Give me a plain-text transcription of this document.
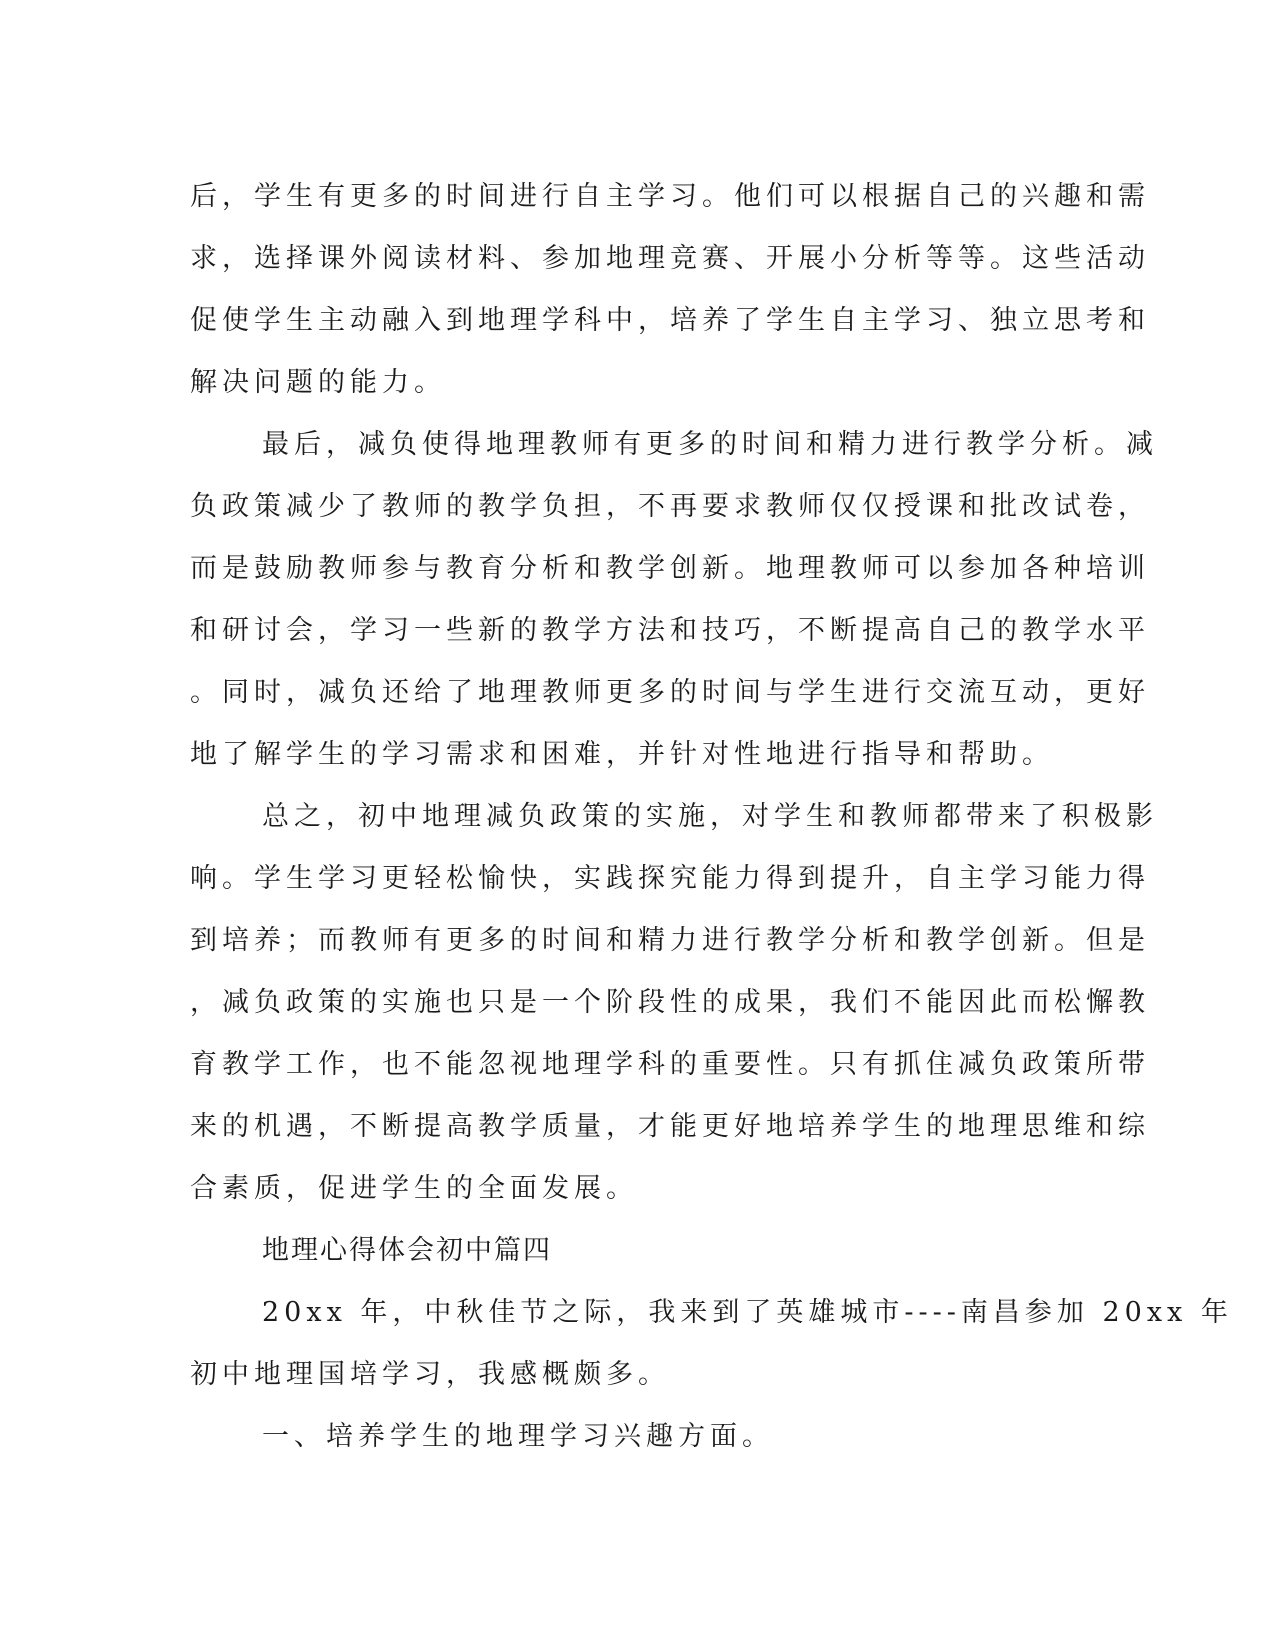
后，学生有更多的时间进行自主学习。他们可以根据自己的兴趣和需
求，选择课外阅读材料、参加地理竞赛、开展小分析等等。这些活动
促使学生主动融入到地理学科中，培养了学生自主学习、独立思考和
解决问题的能力。
最后，减负使得地理教师有更多的时间和精力进行教学分析。减
负政策减少了教师的教学负担，不再要求教师仅仅授课和批改试卷，
而是鼓励教师参与教育分析和教学创新。地理教师可以参加各种培训
和研讨会，学习一些新的教学方法和技巧，不断提高自己的教学水平
。同时，减负还给了地理教师更多的时间与学生进行交流互动，更好
地了解学生的学习需求和困难，并针对性地进行指导和帮助。
总之，初中地理减负政策的实施，对学生和教师都带来了积极影
响。学生学习更轻松愉快，实践探究能力得到提升，自主学习能力得
到培养；而教师有更多的时间和精力进行教学分析和教学创新。但是
，减负政策的实施也只是一个阶段性的成果，我们不能因此而松懈教
育教学工作，也不能忽视地理学科的重要性。只有抓住减负政策所带
来的机遇，不断提高教学质量，才能更好地培养学生的地理思维和综
合素质，促进学生的全面发展。
地理心得体会初中篇四
20xx 年，中秋佳节之际，我来到了英雄城市----南昌参加 20xx 年
初中地理国培学习，我感概颇多。
一、培养学生的地理学习兴趣方面。
